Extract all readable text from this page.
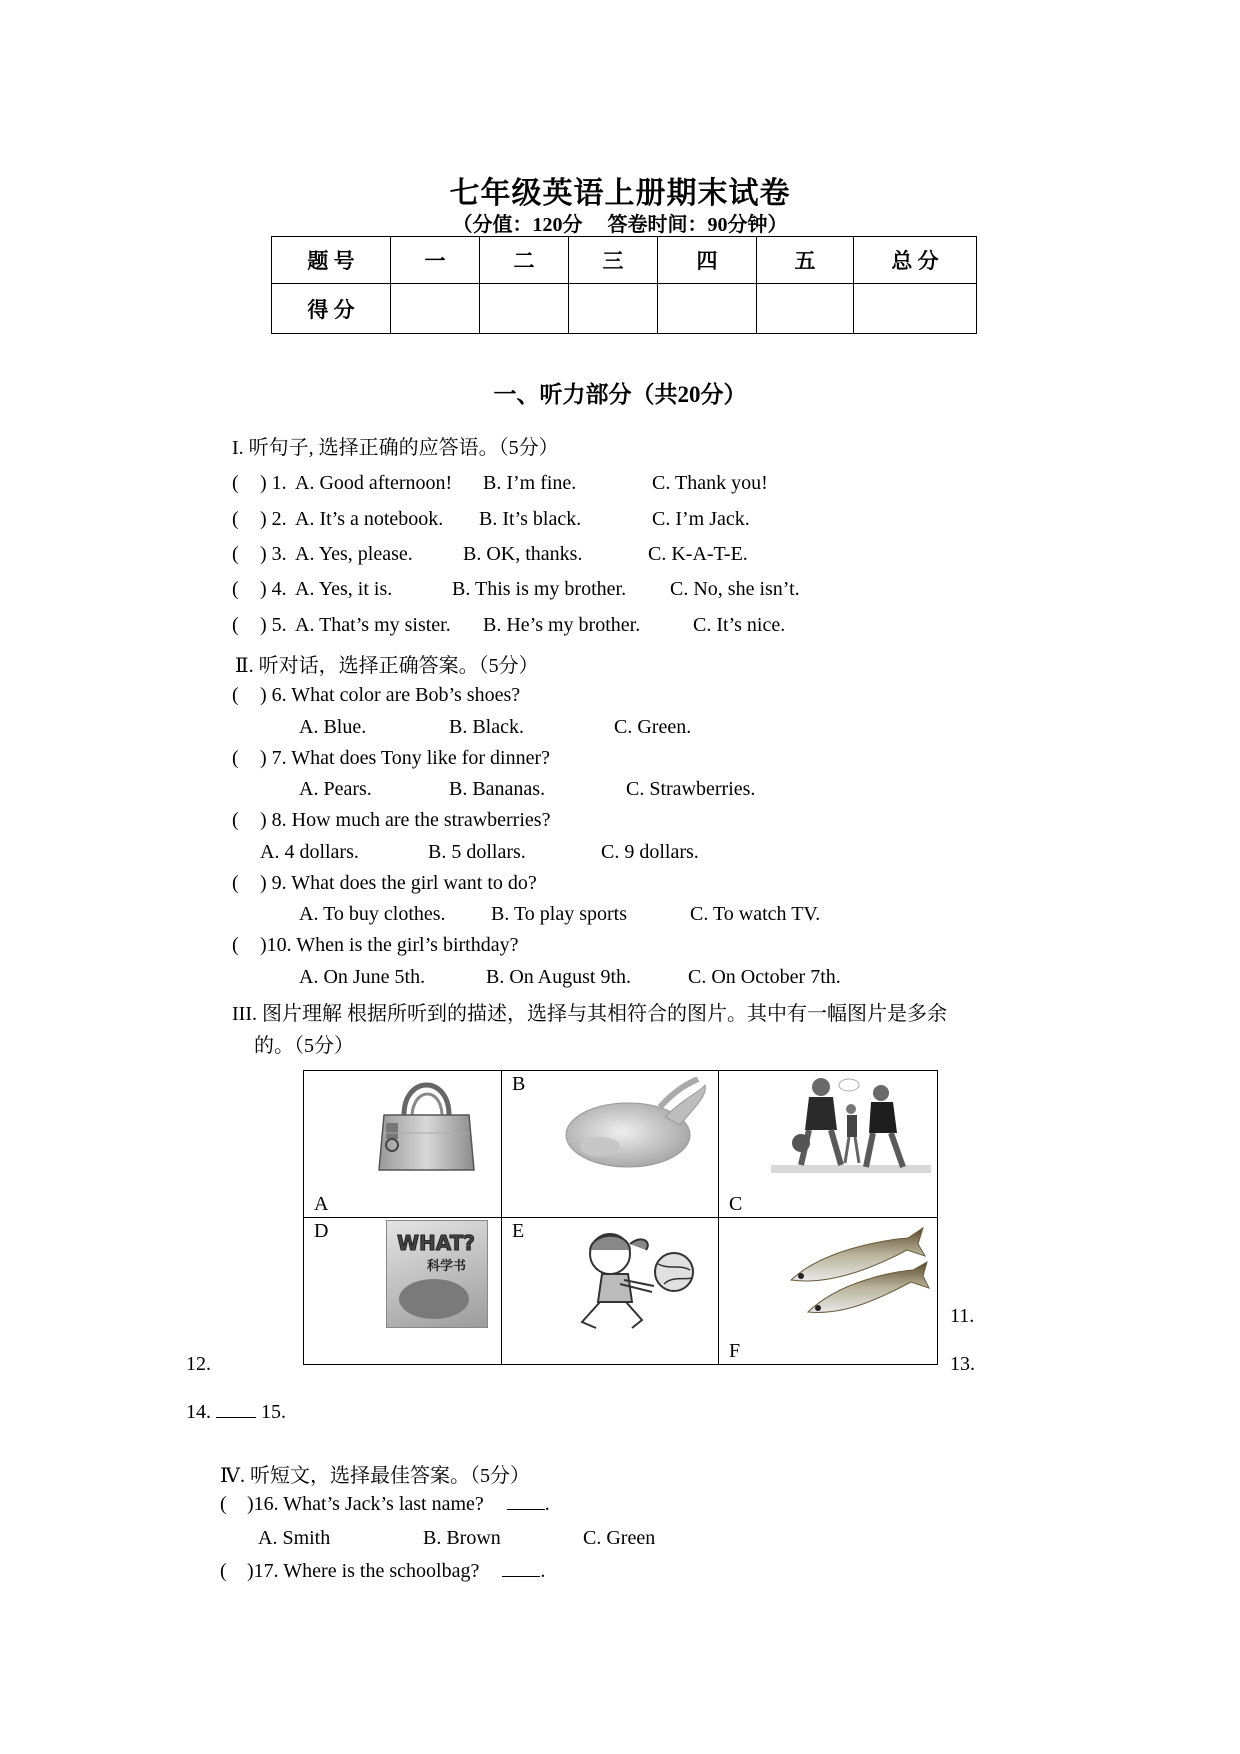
七年级英语上册期末试卷
（分值：120分　 答卷时间：90分钟）
题 号	一	二	三	四	五	总 分
得 分						
一、听力部分（共20分）
I. 听句子, 选择正确的应答语。（5分）
( ) 1. A. Good afternoon! B. I’m fine.	C. Thank you!
( ) 2. A. It’s a notebook. B. It’s black.	C. I’m Jack.
( ) 3. A. Yes, please.	B. OK, thanks.	C. K-A-T-E.
( ) 4. A. Yes, it is.	B. This is my brother. C. No, she isn’t.
( ) 5. A. That’s my sister. B. He’s my brother.	C. It’s nice.
Ⅱ. 听对话，选择正确答案。（5分）
( ) 6. What color are Bob’s shoes?
A. Blue.	B. Black.	C. Green.
( ) 7. What does Tony like for dinner?
A. Pears.	B. Bananas.	C. Strawberries.
( ) 8. How much are the strawberries?
A. 4 dollars.	B. 5 dollars.	C. 9 dollars.
( ) 9. What does the girl want to do?
A. To buy clothes. B. To play sports	C. To watch TV.
( )10. When is the girl’s birthday?
A. On June 5th.	B. On August 9th.	C. On October 7th.
III. 图片理解 根据所听到的描述，选择与其相符合的图片。其中有一幅图片是多余
的。（5分）
A	B	C

D WHAT?
科学书	E	F
11.
12.	13.
14.	15.
Ⅳ. 听短文，选择最佳答案。（5分）
( )16. What’s Jack’s last name?	.
A. Smith	B. Brown	C. Green
( )17. Where is the schoolbag?	.
